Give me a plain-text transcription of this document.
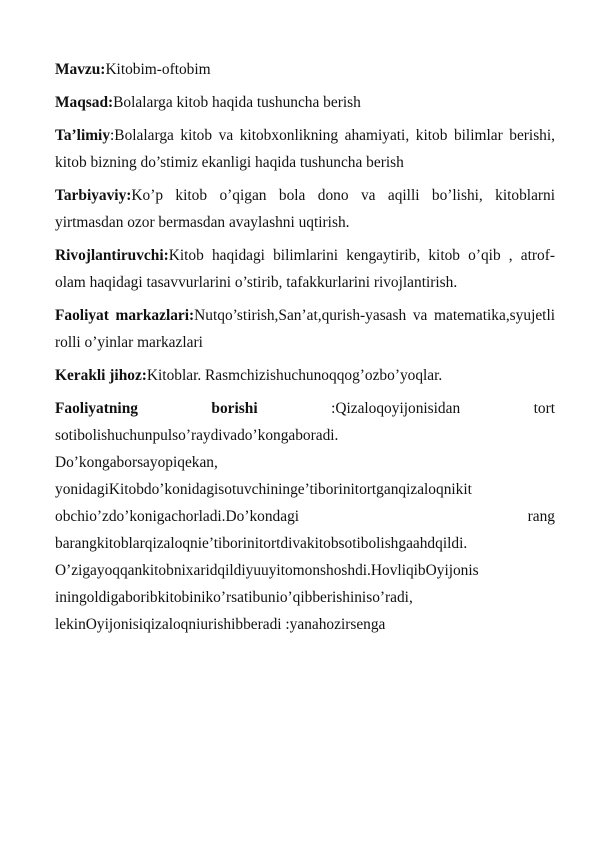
Mavzu:Kitobim-oftobim

Maqsad:Bolalarga kitob haqida tushuncha berish

Ta’limiy:Bolalarga kitob va kitobxonlikning ahamiyati, kitob bilimlar berishi, kitob bizning do’stimiz ekanligi haqida tushuncha berish

Tarbiyaviy:Ko’p kitob o’qigan bola dono va aqilli bo’lishi, kitoblarni yirtmasdan ozor bermasdan avaylashni uqtirish.

Rivojlantiruvchi:Kitob haqidagi bilimlarini kengaytirib, kitob o’qib , atrof-olam haqidagi tasavvurlarini o’stirib, tafakkurlarini rivojlantirish.

Faoliyat markazlari:Nutqo’stirish,San’at,qurish-yasash va matematika,syujetli rolli o’yinlar markazlari

Kerakli jihoz:Kitoblar. Rasmchizishuchunoqqog’ozbo’yoqlar.

Faoliyatning borishi :Qizaloqoyijonisidan tort sotibolishuchunpulso’raydivado’kongaboradi.

Do’kongaborsayopiqekan,
yonidagiKitobdo’konidagisotuvchininge’tiborinitortganqizaloqnikit
obchio’zdo’konigachorladi.Do’kondagi rang
barangkitoblarqizaloqnie’tiborinitortdivakitobsotibolishgaahdqildi.
O’zigayoqqankitobnixaridqildiyuuyitomonshoshdi.HovliqibOyijonis
iningoldigaboribkitobiniko’rsatibunio’qibberishiniso’radi,
lekinOyijonisiqizaloqniurishibberadi :yanahozirsenga
